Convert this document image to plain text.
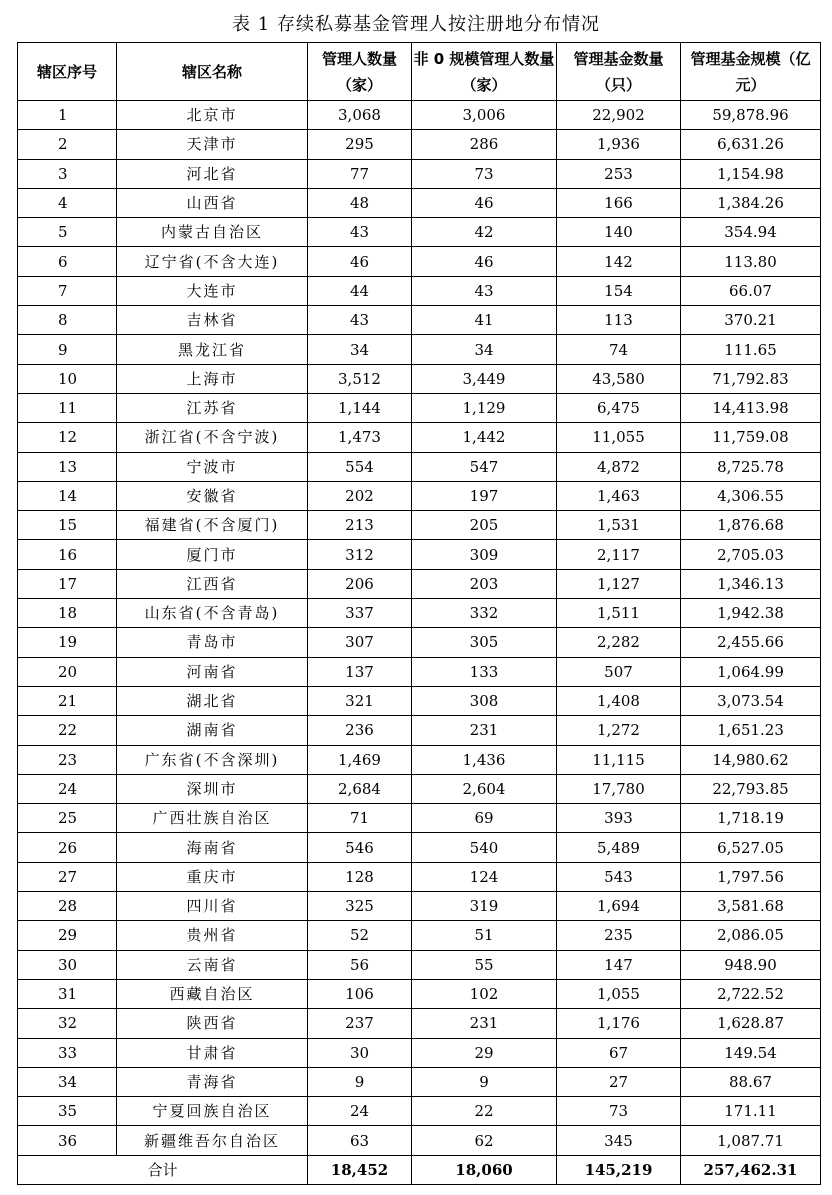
表 1 存续私募基金管理人按注册地分布情况
辖区序号	辖区名称	管理人数量（家）	非 0 规模管理人数量（家）	管理基金数量（只）	管理基金规模（亿元）
1	北京市	3,068	3,006	22,902	59,878.96
2	天津市	295	286	1,936	6,631.26
3	河北省	77	73	253	1,154.98
4	山西省	48	46	166	1,384.26
5	内蒙古自治区	43	42	140	354.94
6	辽宁省(不含大连)	46	46	142	113.80
7	大连市	44	43	154	66.07
8	吉林省	43	41	113	370.21
9	黑龙江省	34	34	74	111.65
10	上海市	3,512	3,449	43,580	71,792.83
11	江苏省	1,144	1,129	6,475	14,413.98
12	浙江省(不含宁波)	1,473	1,442	11,055	11,759.08
13	宁波市	554	547	4,872	8,725.78
14	安徽省	202	197	1,463	4,306.55
15	福建省(不含厦门)	213	205	1,531	1,876.68
16	厦门市	312	309	2,117	2,705.03
17	江西省	206	203	1,127	1,346.13
18	山东省(不含青岛)	337	332	1,511	1,942.38
19	青岛市	307	305	2,282	2,455.66
20	河南省	137	133	507	1,064.99
21	湖北省	321	308	1,408	3,073.54
22	湖南省	236	231	1,272	1,651.23
23	广东省(不含深圳)	1,469	1,436	11,115	14,980.62
24	深圳市	2,684	2,604	17,780	22,793.85
25	广西壮族自治区	71	69	393	1,718.19
26	海南省	546	540	5,489	6,527.05
27	重庆市	128	124	543	1,797.56
28	四川省	325	319	1,694	3,581.68
29	贵州省	52	51	235	2,086.05
30	云南省	56	55	147	948.90
31	西藏自治区	106	102	1,055	2,722.52
32	陕西省	237	231	1,176	1,628.87
33	甘肃省	30	29	67	149.54
34	青海省	9	9	27	88.67
35	宁夏回族自治区	24	22	73	171.11
36	新疆维吾尔自治区	63	62	345	1,087.71
合计		18,452	18,060	145,219	257,462.31
